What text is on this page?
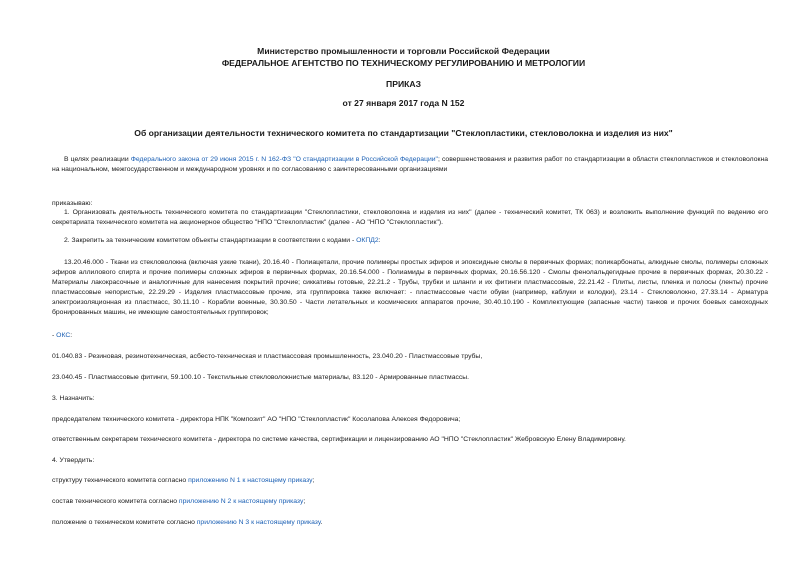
Министерство промышленности и торговли Российской Федерации
ФЕДЕРАЛЬНОЕ АГЕНТСТВО ПО ТЕХНИЧЕСКОМУ РЕГУЛИРОВАНИЮ И МЕТРОЛОГИИ
ПРИКАЗ
от 27 января 2017 года N 152
Об организации деятельности технического комитета по стандартизации "Стеклопластики, стекловолокна и изделия из них"
В целях реализации Федерального закона от 29 июня 2015 г. N 162-ФЗ "О стандартизации в Российской Федерации"; совершенствования и развития работ по стандартизации в области стеклопластиков и стекловолокна на национальном, межгосударственном и международном уровнях и по согласованию с заинтересованными организациями
приказываю:
1. Организовать деятельность технического комитета по стандартизации "Стеклопластики, стекловолокна и изделия из них" (далее - технический комитет, ТК 063) и возложить выполнение функций по ведению его секретариата технического комитета на акционерное общество "НПО "Стеклопластик" (далее - АО "НПО "Стеклопластик").
2. Закрепить за техническим комитетом объекты стандартизации в соответствии с кодами - ОКПД2:
13.20.46.000 - Ткани из стекловолокна (включая узкие ткани), 20.16.40 - Полиацетали, прочие полимеры простых эфиров и эпоксидные смолы в первичных формах; поликарбонаты, алкидные смолы, полимеры сложных эфиров аллилового спирта и прочие полимеры сложных эфиров в первичных формах, 20.16.54.000 - Полиамиды в первичных формах, 20.16.56.120 - Смолы фенолальдегидные прочие в первичных формах, 20.30.22 - Материалы лакокрасочные и аналогичные для нанесения покрытий прочие; сиккативы готовые, 22.21.2 - Трубы, трубки и шланги и их фитинги пластмассовые, 22.21.42 - Плиты, листы, пленка и полосы (ленты) прочие пластмассовые непористые, 22.29.29 - Изделия пластмассовые прочие, эта группировка также включает: - пластмассовые части обуви (например, каблуки и колодки), 23.14 - Стекловолокно, 27.33.14 - Арматура электроизоляционная из пластмасс, 30.11.10 - Корабли военные, 30.30.50 - Части летательных и космических аппаратов прочие, 30.40.10.190 - Комплектующие (запасные части) танков и прочих боевых самоходных бронированных машин, не имеющие самостоятельных группировок;
- ОКС:
01.040.83 - Резиновая, резинотехническая, асбесто-техническая и пластмассовая промышленность, 23.040.20 - Пластмассовые трубы,
23.040.45 - Пластмассовые фитинги, 59.100.10 - Текстильные стекловолокнистые материалы, 83.120 - Армированные пластмассы.
3. Назначить:
председателем технического комитета - директора НПК "Композит" АО "НПО "Стеклопластик" Косолапова Алексея Федоровича;
ответственным секретарем технического комитета - директора по системе качества, сертификации и лицензированию АО "НПО "Стеклопластик" Жебровскую Елену Владимировну.
4. Утвердить:
структуру технического комитета согласно приложению N 1 к настоящему приказу;
состав технического комитета согласно приложению N 2 к настоящему приказу;
положение о техническом комитете согласно приложению N 3 к настоящему приказу.
